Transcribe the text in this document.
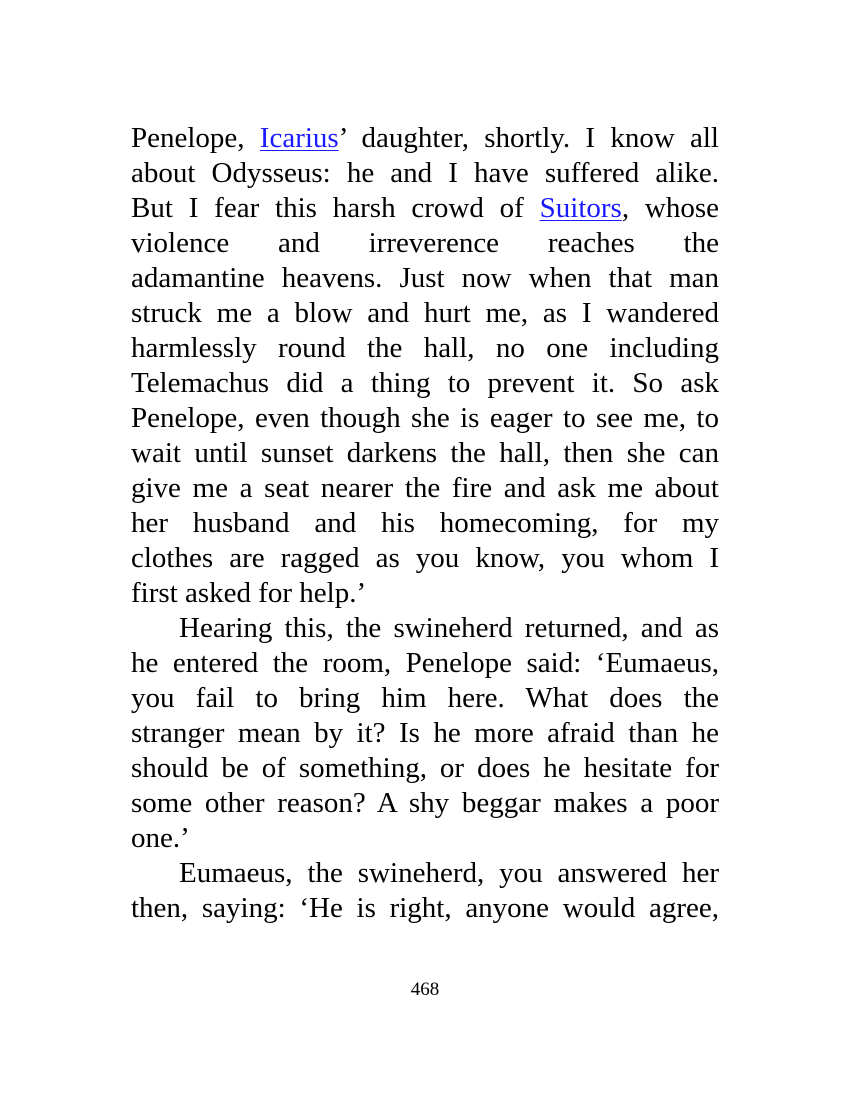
Penelope, Icarius’ daughter, shortly. I know all
about Odysseus: he and I have suffered alike.
But I fear this harsh crowd of Suitors, whose
violence and irreverence reaches the
adamantine heavens. Just now when that man
struck me a blow and hurt me, as I wandered
harmlessly round the hall, no one including
Telemachus did a thing to prevent it. So ask
Penelope, even though she is eager to see me, to
wait until sunset darkens the hall, then she can
give me a seat nearer the fire and ask me about
her husband and his homecoming, for my
clothes are ragged as you know, you whom I
first asked for help.’
Hearing this, the swineherd returned, and as
he entered the room, Penelope said: ‘Eumaeus,
you fail to bring him here. What does the
stranger mean by it? Is he more afraid than he
should be of something, or does he hesitate for
some other reason? A shy beggar makes a poor
one.’
Eumaeus, the swineherd, you answered her
then, saying: ‘He is right, anyone would agree,
468
